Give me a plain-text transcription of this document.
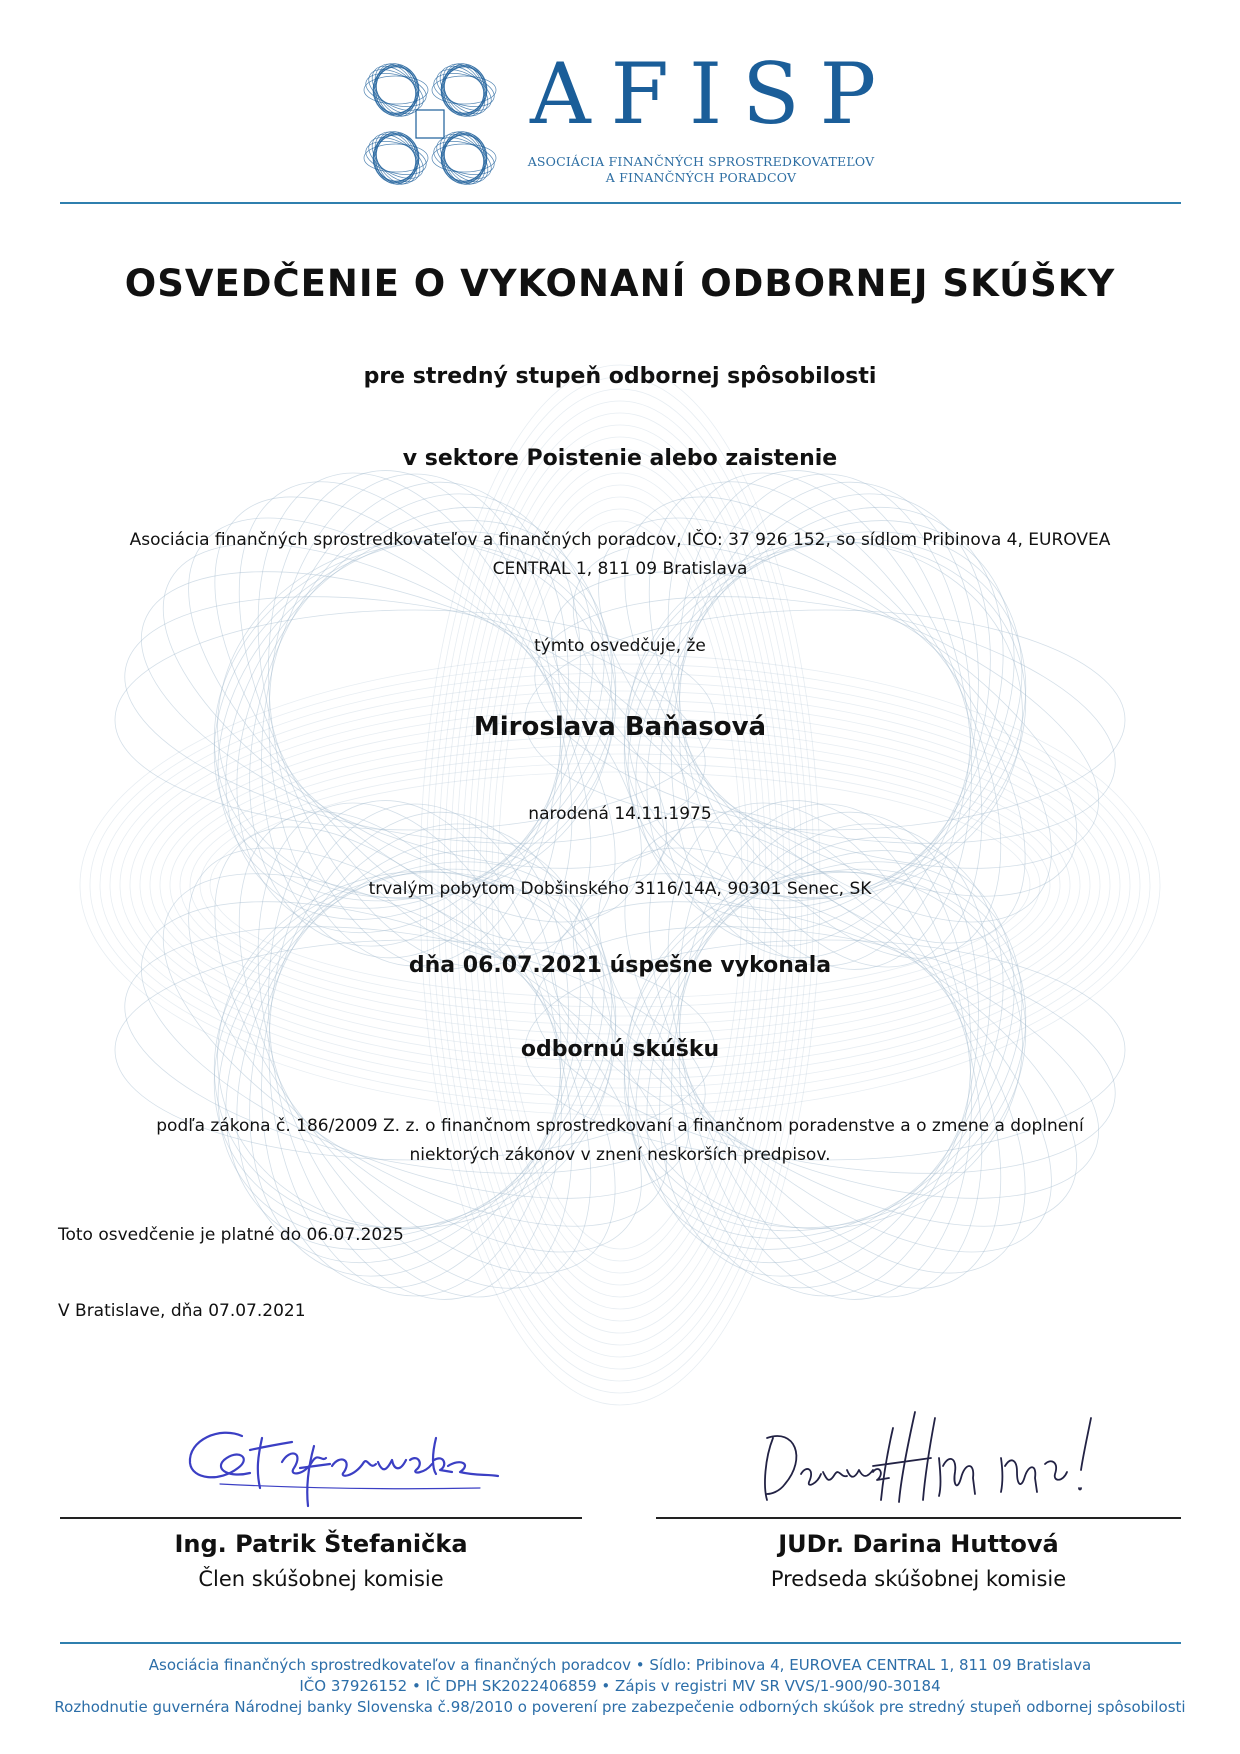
AFISP
ASOCIÁCIA FINANČNÝCH SPROSTREDKOVATEĽOV
A FINANČNÝCH PORADCOV
OSVEDČENIE O VYKONANÍ ODBORNEJ SKÚŠKY
pre stredný stupeň odbornej spôsobilosti
v sektore Poistenie alebo zaistenie
Asociácia finančných sprostredkovateľov a finančných poradcov, IČO: 37 926 152, so sídlom Pribinova 4, EUROVEA
CENTRAL 1, 811 09 Bratislava
týmto osvedčuje, že
Miroslava Baňasová
narodená 14.11.1975
trvalým pobytom Dobšinského 3116/14A, 90301 Senec, SK
dňa 06.07.2021 úspešne vykonala
odbornú skúšku
podľa zákona č. 186/2009 Z. z. o finančnom sprostredkovaní a finančnom poradenstve a o zmene a doplnení
niektorých zákonov v znení neskorších predpisov.
Toto osvedčenie je platné do 06.07.2025
V Bratislave, dňa 07.07.2021
Ing. Patrik Štefanička
Člen skúšobnej komisie
JUDr. Darina Huttová
Predseda skúšobnej komisie
Asociácia finančných sprostredkovateľov a finančných poradcov • Sídlo: Pribinova 4, EUROVEA CENTRAL 1, 811 09 Bratislava
IČO 37926152 • IČ DPH SK2022406859 • Zápis v registri MV SR VVS/1-900/90-30184
Rozhodnutie guvernéra Národnej banky Slovenska č.98/2010 o poverení pre zabezpečenie odborných skúšok pre stredný stupeň odbornej spôsobilosti
